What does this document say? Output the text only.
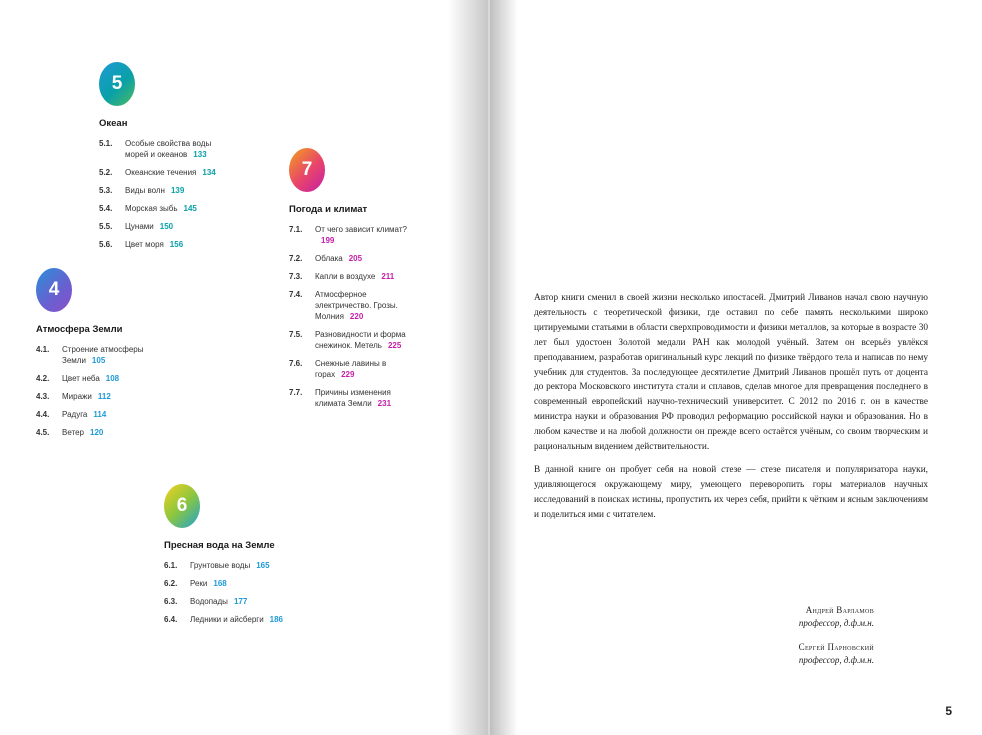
5
Океан
5.1.	Особые свойства воды морей и океанов 133
5.2.	Океанские течения 134
5.3.	Виды волн 139
5.4.	Морская зыбь 145
5.5.	Цунами 150
5.6.	Цвет моря 156
4
Атмосфера Земли
4.1.	Строение атмосферы Земли 105
4.2.	Цвет неба 108
4.3.	Миражи 112
4.4.	Радуга 114
4.5.	Ветер 120
7
Погода и климат
7.1.	От чего зависит климат?199
7.2.	Облака 205
7.3.	Капли в воздухе 211
7.4.	Атмосферное электричество. Грозы. Молния 220
7.5.	Разновидности и форма снежинок. Метель 225
7.6.	Снежные лавины в горах 229
7.7.	Причины изменения климата Земли 231
6
Пресная вода на Земле
6.1.	Грунтовые воды 165
6.2.	Реки 168
6.3.	Водопады 177
6.4.	Ледники и айсберги 186

Автор книги сменил в своей жизни несколько ипостасей. Дмитрий Ливанов начал свою научную деятельность с теоретической физики, где оставил по себе память несколькими широко цитируемыми статьями в области сверхпроводимости и физики металлов, за которые в возрасте 30 лет был удостоен Золотой медали РАН как молодой учёный. Затем он всерьёз увлёкся преподаванием, разработав оригинальный курс лекций по физике твёрдого тела и написав по нему учебник для студентов. За последующее десятилетие Дмитрий Ливанов прошёл путь от доцента до ректора Московского института стали и сплавов, сделав многое для превращения последнего в современный европейский научно-технический университет. С 2012 по 2016 г. он в качестве министра науки и образования РФ проводил реформацию российской науки и образования. Но в любом качестве и на любой должности он прежде всего остаётся учёным, со своим творческим и рациональным видением действительности.

В данной книге он пробует себя на новой стезе — стезе писателя и популяризатора науки, удивляющегося окружающему миру, умеющего переворопить горы материалов научных исследований в поисках истины, пропустить их через себя, прийти к чётким и ясным заключениям и поделиться ими с читателем.

Андрей Варламов
профессор, д.ф.м.н.
Сергей Парновский
профессор, д.ф.м.н.
5
